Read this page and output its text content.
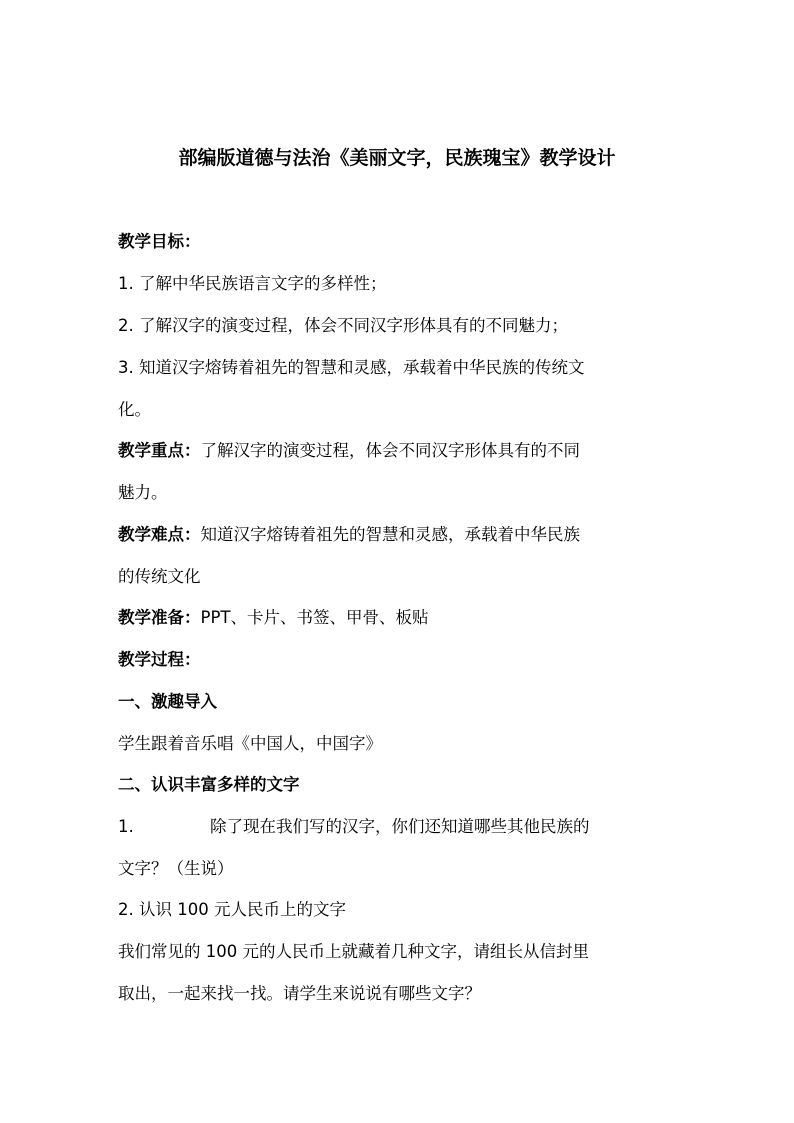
部编版道德与法治《美丽文字，民族瑰宝》教学设计
教学目标：
1. 了解中华民族语言文字的多样性；
2. 了解汉字的演变过程，体会不同汉字形体具有的不同魅力；
3. 知道汉字熔铸着祖先的智慧和灵感，承载着中华民族的传统文
化。
教学重点：了解汉字的演变过程，体会不同汉字形体具有的不同
魅力。
教学难点：知道汉字熔铸着祖先的智慧和灵感，承载着中华民族
的传统文化
教学准备：PPT、卡片、书签、甲骨、板贴
教学过程：
一、激趣导入
学生跟着音乐唱《中国人，中国字》
二、认识丰富多样的文字
1.	除了现在我们写的汉字，你们还知道哪些其他民族的
文字？（生说）
2. 认识 100 元人民币上的文字
我们常见的 100 元的人民币上就藏着几种文字，请组长从信封里
取出，一起来找一找。请学生来说说有哪些文字？
